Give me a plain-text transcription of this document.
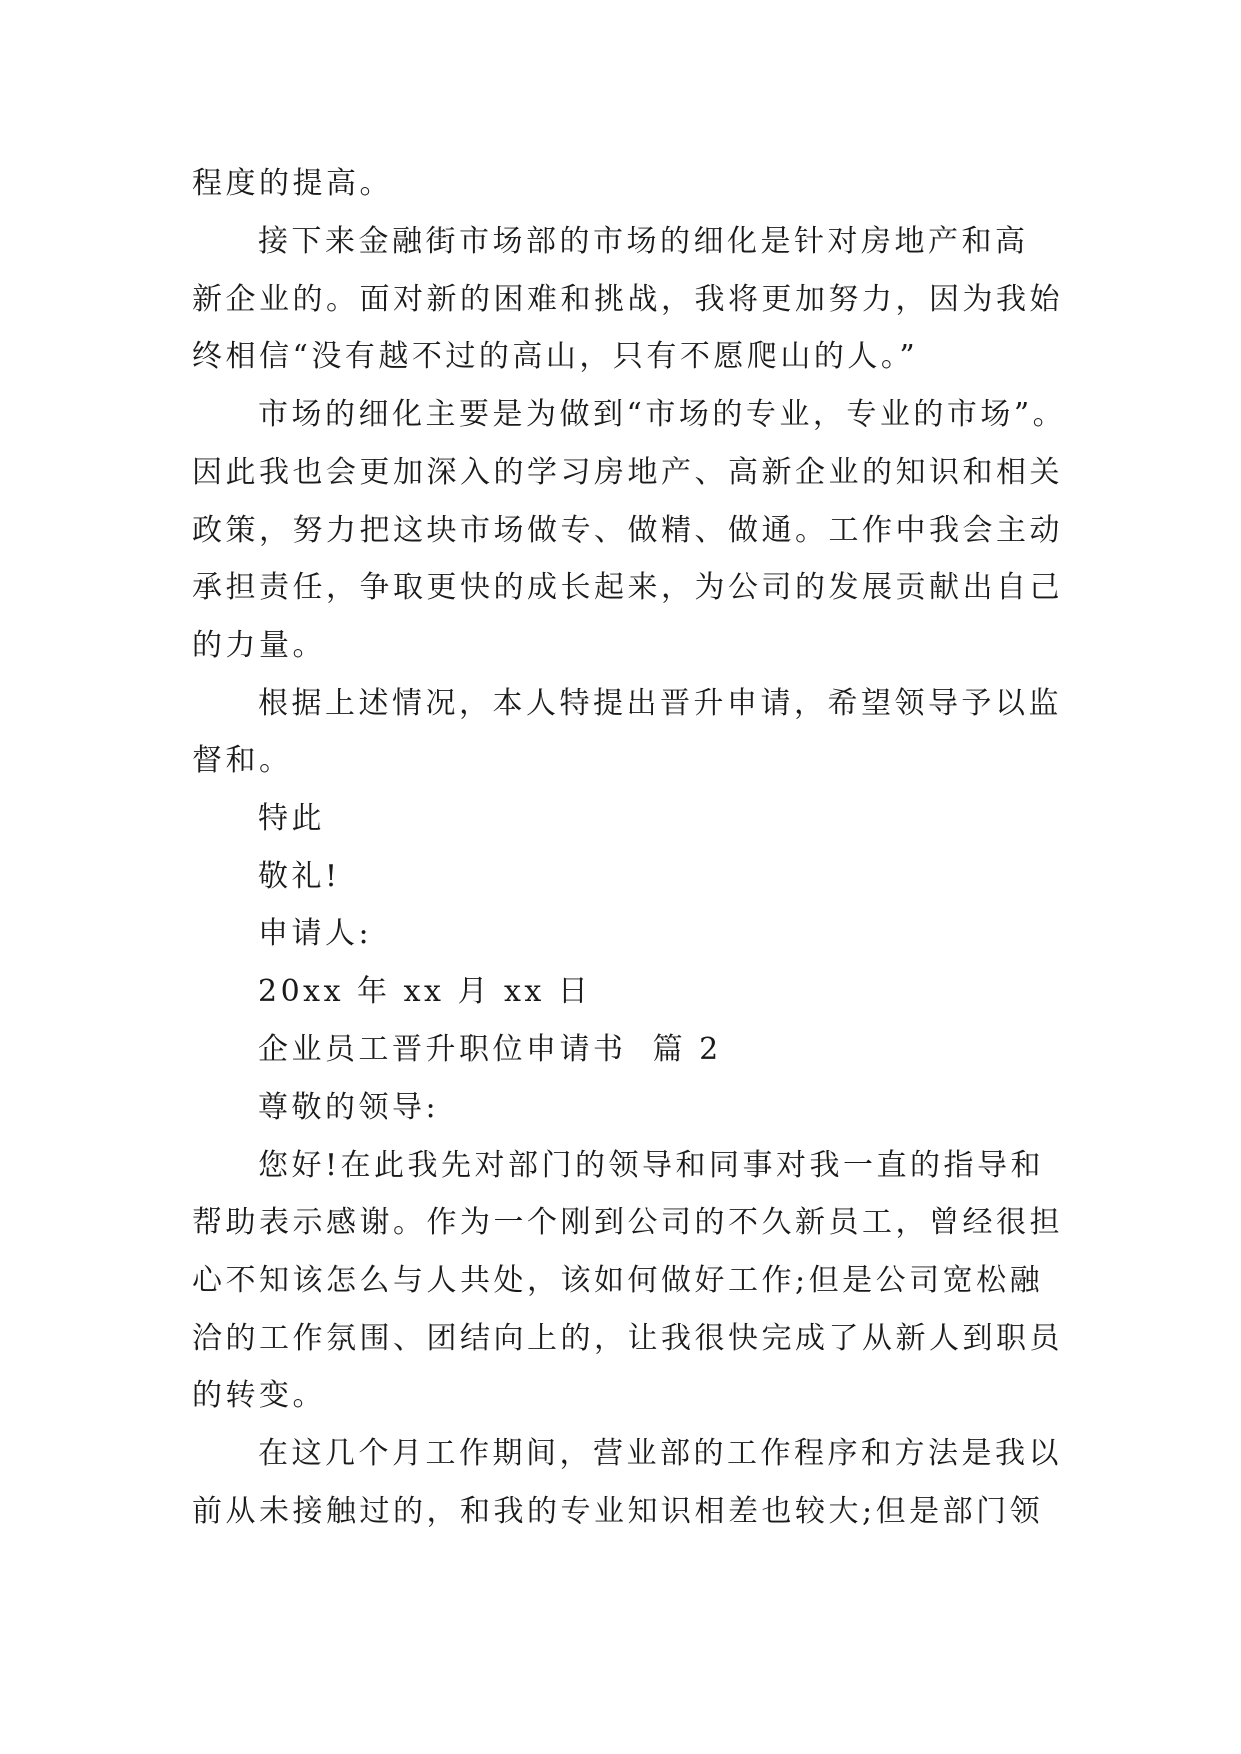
程度的提高。
接下来金融街市场部的市场的细化是针对房地产和高
新企业的。面对新的困难和挑战，我将更加努力，因为我始
终相信“没有越不过的高山，只有不愿爬山的人。”
市场的细化主要是为做到“市场的专业，专业的市场”。
因此我也会更加深入的学习房地产、高新企业的知识和相关
政策，努力把这块市场做专、做精、做通。工作中我会主动
承担责任，争取更快的成长起来，为公司的发展贡献出自己
的力量。
根据上述情况，本人特提出晋升申请，希望领导予以监
督和。
特此
敬礼!
申请人:
20xx 年 xx 月 xx 日
企业员工晋升职位申请书  篇 2
尊敬的领导:
您好!在此我先对部门的领导和同事对我一直的指导和
帮助表示感谢。作为一个刚到公司的不久新员工，曾经很担
心不知该怎么与人共处，该如何做好工作;但是公司宽松融
洽的工作氛围、团结向上的，让我很快完成了从新人到职员
的转变。
在这几个月工作期间，营业部的工作程序和方法是我以
前从未接触过的，和我的专业知识相差也较大;但是部门领
